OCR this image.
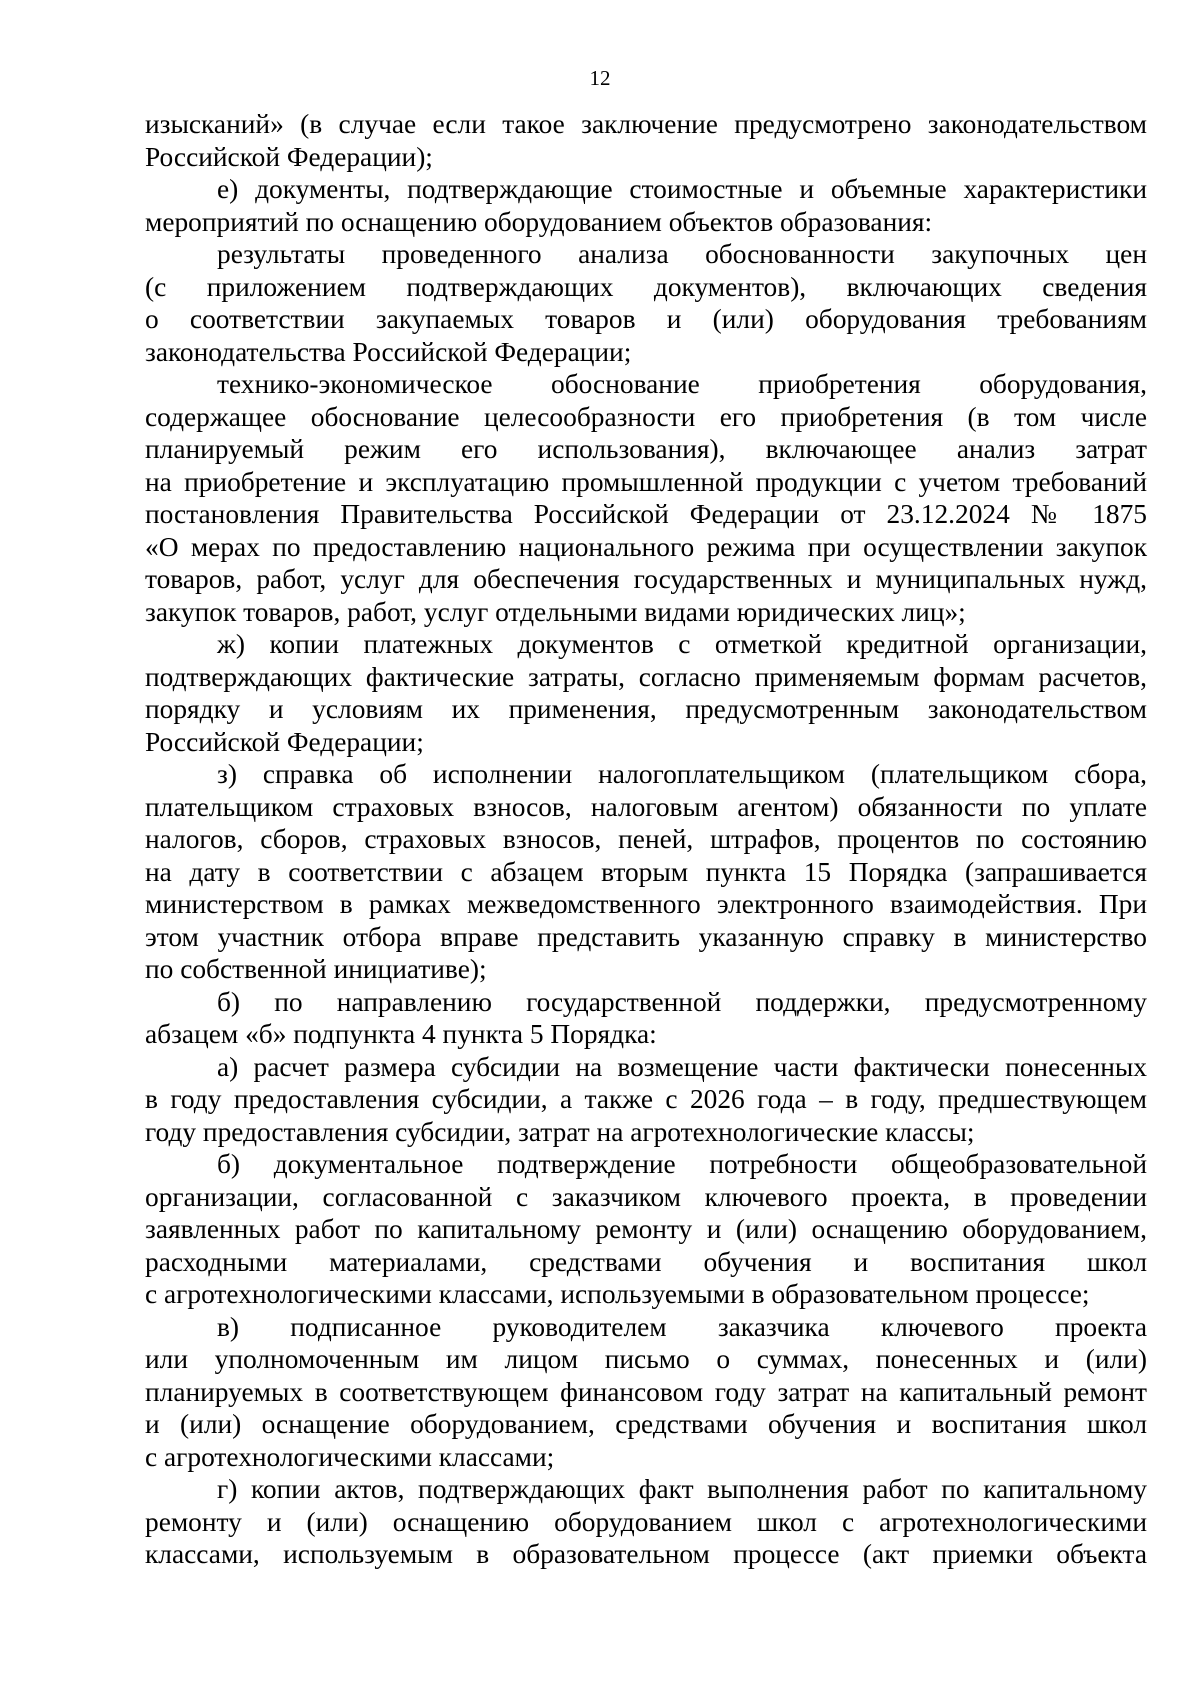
12
изысканий» (в случае если такое заключение предусмотрено законодательством
Российской Федерации);
е) документы, подтверждающие стоимостные и объемные характеристики
мероприятий по оснащению оборудованием объектов образования:
результаты проведенного анализа обоснованности закупочных цен
(с приложением подтверждающих документов), включающих сведения
о соответствии закупаемых товаров и (или) оборудования требованиям
законодательства Российской Федерации;
технико-экономическое обоснование приобретения оборудования,
содержащее обоснование целесообразности его приобретения (в том числе
планируемый режим его использования), включающее анализ затрат
на приобретение и эксплуатацию промышленной продукции с учетом требований
постановления Правительства Российской Федерации от 23.12.2024 № 1875
«О мерах по предоставлению национального режима при осуществлении закупок
товаров, работ, услуг для обеспечения государственных и муниципальных нужд,
закупок товаров, работ, услуг отдельными видами юридических лиц»;
ж) копии платежных документов с отметкой кредитной организации,
подтверждающих фактические затраты, согласно применяемым формам расчетов,
порядку и условиям их применения, предусмотренным законодательством
Российской Федерации;
з) справка об исполнении налогоплательщиком (плательщиком сбора,
плательщиком страховых взносов, налоговым агентом) обязанности по уплате
налогов, сборов, страховых взносов, пеней, штрафов, процентов по состоянию
на дату в соответствии с абзацем вторым пункта 15 Порядка (запрашивается
министерством в рамках межведомственного электронного взаимодействия. При
этом участник отбора вправе представить указанную справку в министерство
по собственной инициативе);
б) по направлению государственной поддержки, предусмотренному
абзацем «б» подпункта 4 пункта 5 Порядка:
а) расчет размера субсидии на возмещение части фактически понесенных
в году предоставления субсидии, а также с 2026 года – в году, предшествующем
году предоставления субсидии, затрат на агротехнологические классы;
б) документальное подтверждение потребности общеобразовательной
организации, согласованной с заказчиком ключевого проекта, в проведении
заявленных работ по капитальному ремонту и (или) оснащению оборудованием,
расходными материалами, средствами обучения и воспитания школ
с агротехнологическими классами, используемыми в образовательном процессе;
в) подписанное руководителем заказчика ключевого проекта
или уполномоченным им лицом письмо о суммах, понесенных и (или)
планируемых в соответствующем финансовом году затрат на капитальный ремонт
и (или) оснащение оборудованием, средствами обучения и воспитания школ
с агротехнологическими классами;
г) копии актов, подтверждающих факт выполнения работ по капитальному
ремонту и (или) оснащению оборудованием школ с агротехнологическими
классами, используемым в образовательном процессе (акт приемки объекта
